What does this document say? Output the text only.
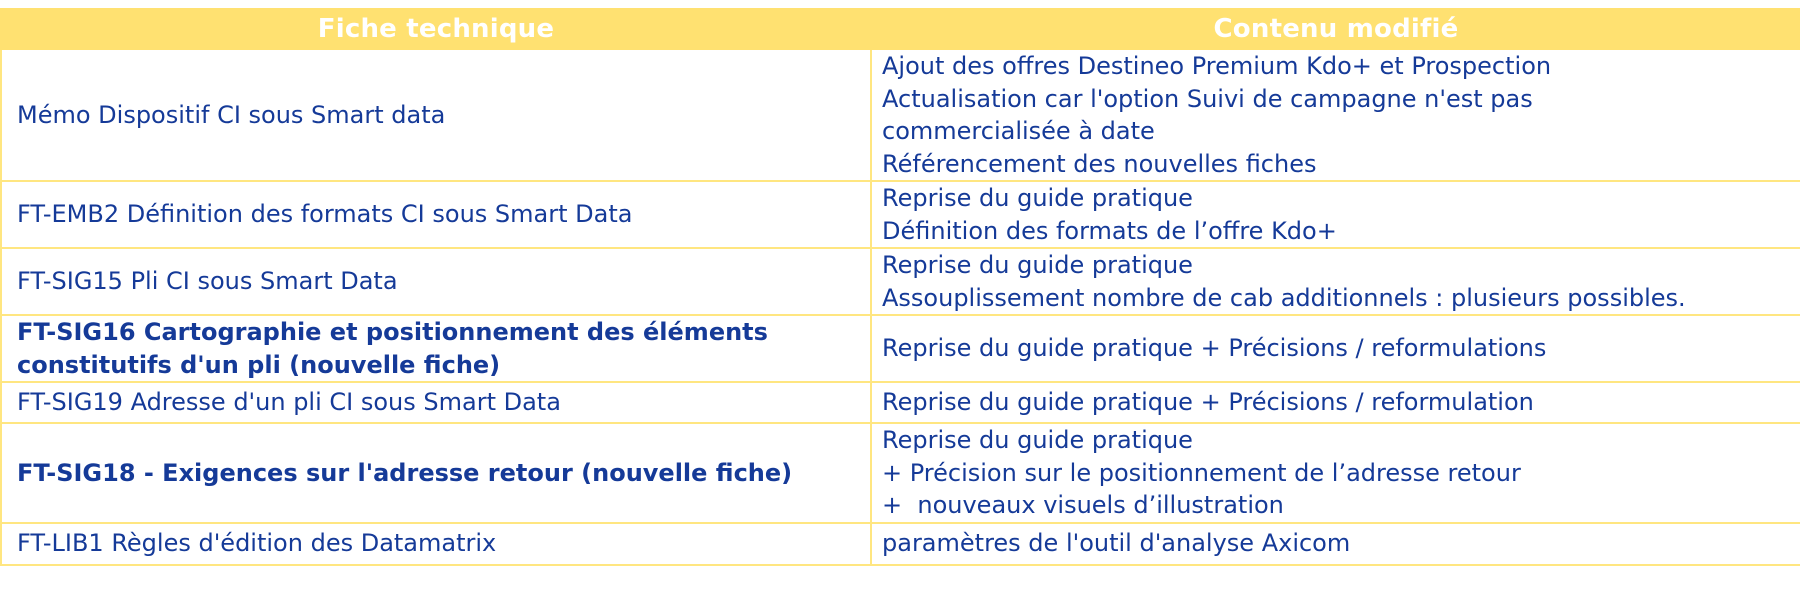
Fiche technique	Contenu modifié

Mémo Dispositif CI sous Smart data	Ajout des offres Destineo Premium Kdo+ et Prospection
Actualisation car l'option Suivi de campagne n'est pas commercialisée à date
Référencement des nouvelles fiches

FT-EMB2 Définition des formats CI sous Smart Data	Reprise du guide pratique
Définition des formats de l’offre Kdo+

FT-SIG15 Pli CI sous Smart Data	Reprise du guide pratique
Assouplissement nombre de cab additionnels : plusieurs possibles.

FT-SIG16 Cartographie et positionnement des éléments constitutifs d'un pli (nouvelle fiche)	Reprise du guide pratique + Précisions / reformulations

FT-SIG19 Adresse d'un pli CI sous Smart Data	Reprise du guide pratique + Précisions / reformulation

FT-SIG18 - Exigences sur l'adresse retour (nouvelle fiche)	Reprise du guide pratique
+ Précision sur le positionnement de l’adresse retour
+  nouveaux visuels d’illustration

FT-LIB1 Règles d'édition des Datamatrix	paramètres de l'outil d'analyse Axicom
